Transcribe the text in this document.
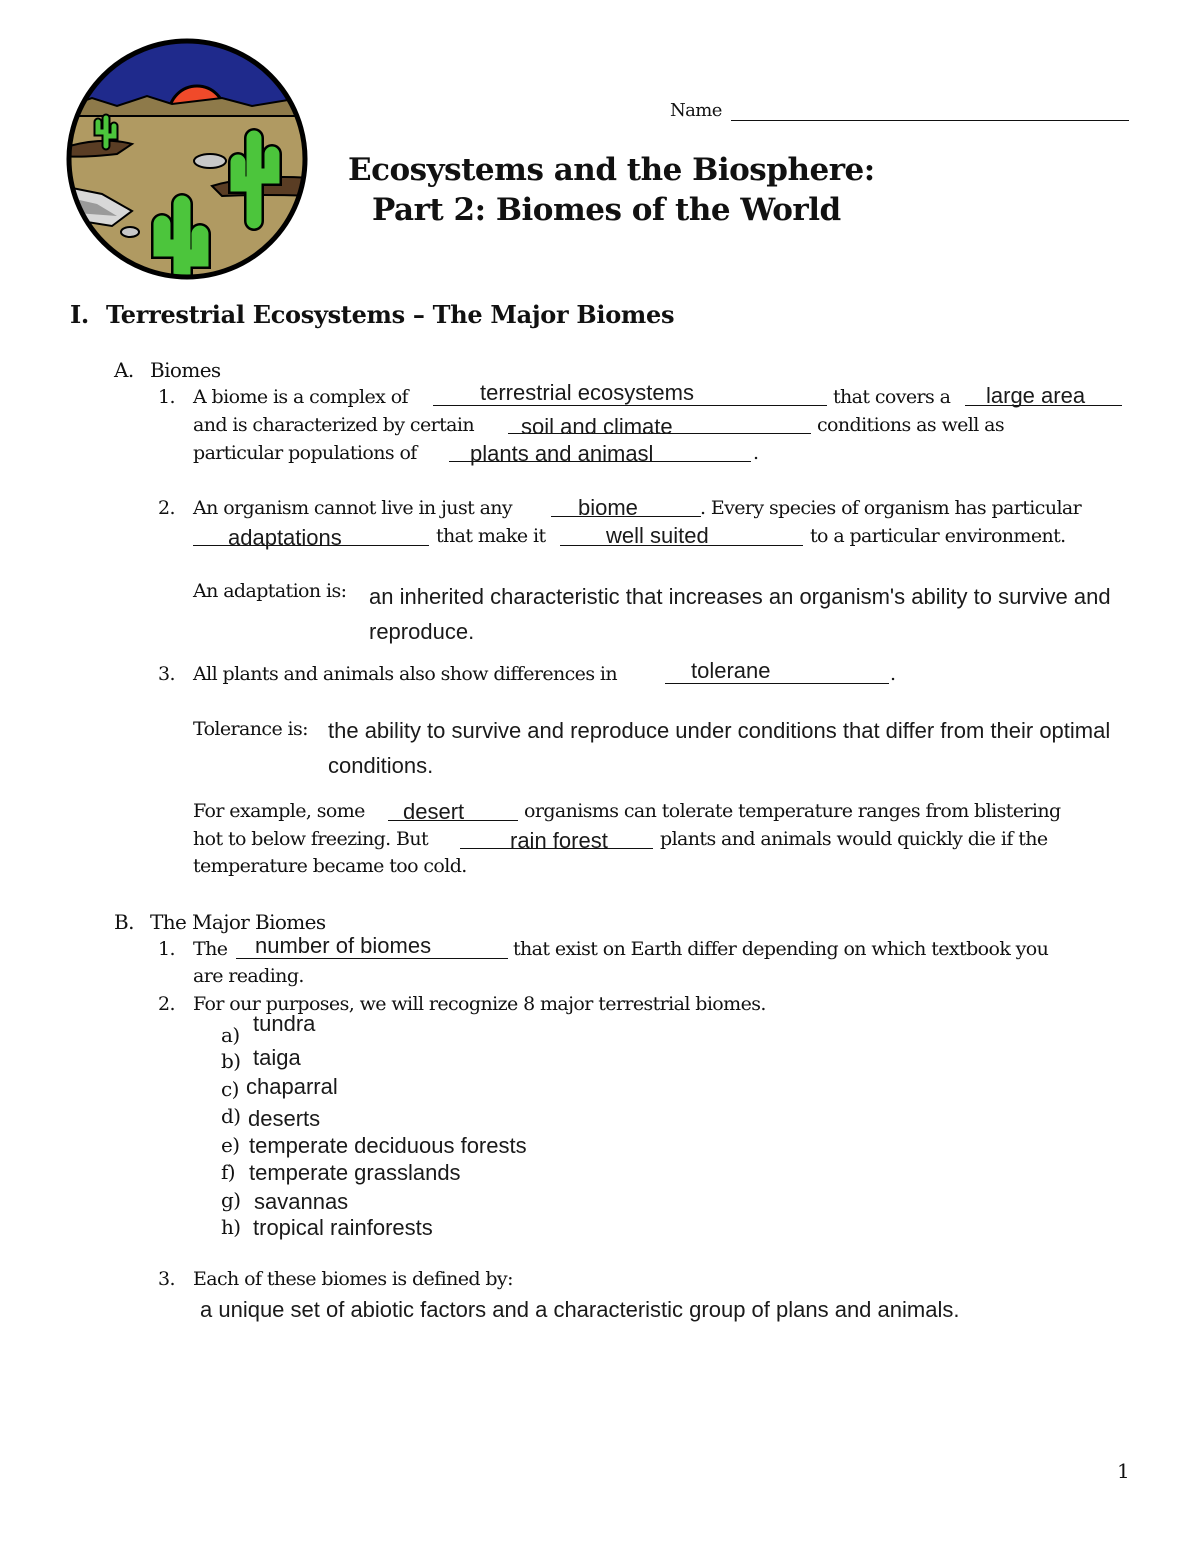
Name
Ecosystems and the Biosphere:
Part 2: Biomes of the World
I. Terrestrial Ecosystems – The Major Biomes
A. Biomes
1. A biome is a complex of	terrestrial ecosystems	that covers a large area
and is characterized by certain soil and climate	conditions as well as
particular populations of plants and animasl	.
2. An organism cannot live in just any	biome	. Every species of organism has particular
adaptations	that make it	well suited	to a particular environment.
An adaptation is: an inherited characteristic that increases an organism's ability to survive and
reproduce.
3. All plants and animals also show differences in	tolerane	.
Tolerance is: the ability to survive and reproduce under conditions that differ from their optimal
conditions.
For example, some desert	organisms can tolerate temperature ranges from blistering
hot to below freezing. But	rain forest	plants and animals would quickly die if the
temperature became too cold.
B. The Major Biomes
1. The number of biomes	that exist on Earth differ depending on which textbook you
are reading.
2. For our purposes, we will recognize 8 major terrestrial biomes.
a) tundra
b) taiga
c) chaparral
d) deserts
e) temperate deciduous forests
f) temperate grasslands
g) savannas
h) tropical rainforests
3. Each of these biomes is defined by:
a unique set of abiotic factors and a characteristic group of plans and animals.
1
